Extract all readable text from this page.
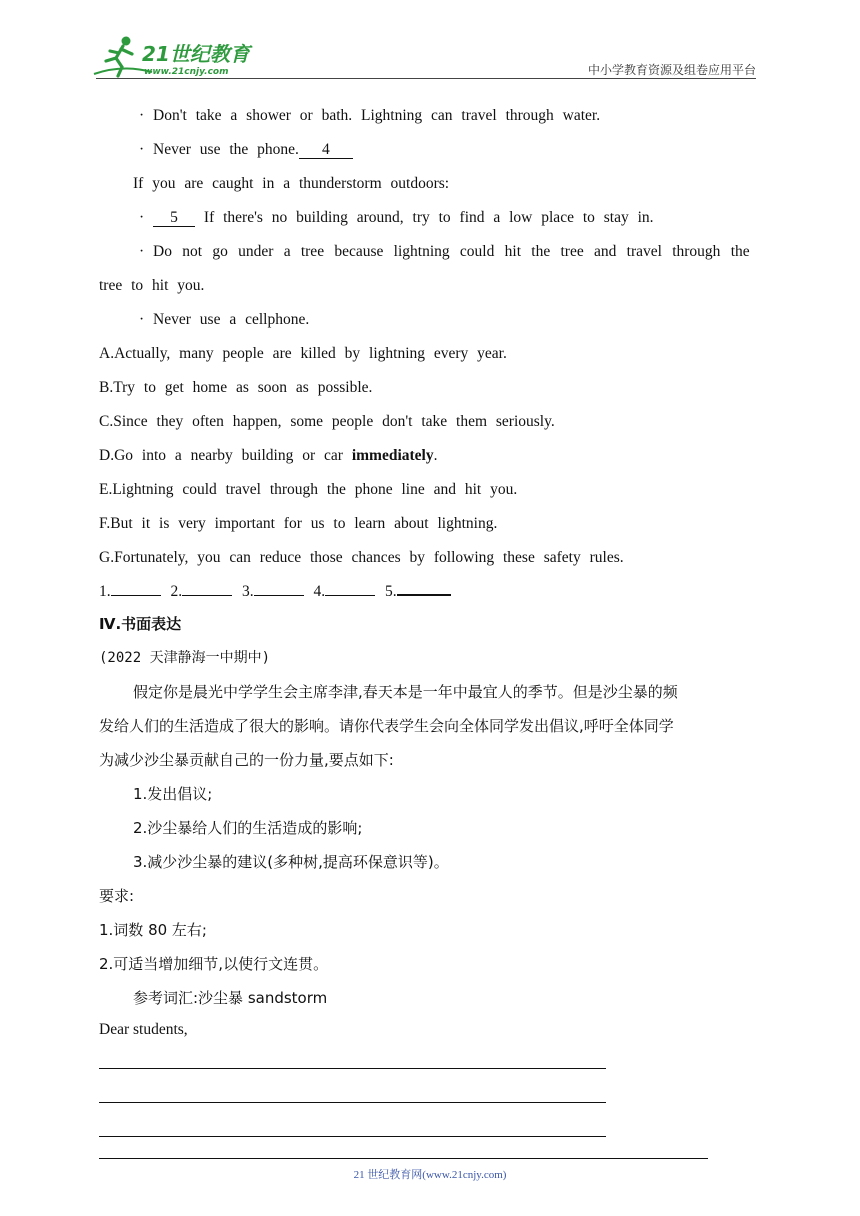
21世纪教育
www.21cnjy.com	中小学教育资源及组卷应用平台
· Don't take a shower or bath. Lightning can travel through water.
· Never use the phone. 4
If you are caught in a thunderstorm outdoors:
· 5 If there's no building around, try to find a low place to stay in.
· Do not go under a tree because lightning could hit the tree and travel through the
tree to hit you.
· Never use a cellphone.
A.Actually, many people are killed by lightning every year.
B.Try to get home as soon as possible.
C.Since they often happen, some people don't take them seriously.
D.Go into a nearby building or car immediately.
E.Lightning could travel through the phone line and hit you.
F.But it is very important for us to learn about lightning.
G.Fortunately, you can reduce those chances by following these safety rules.
1.	2.	3.	4.	5.
Ⅳ.书面表达
(2022 天津静海一中期中)
假定你是晨光中学学生会主席李津,春天本是一年中最宜人的季节。但是沙尘暴的频
发给人们的生活造成了很大的影响。请你代表学生会向全体同学发出倡议,呼吁全体同学
为减少沙尘暴贡献自己的一份力量,要点如下:
1.发出倡议;
2.沙尘暴给人们的生活造成的影响;
3.减少沙尘暴的建议(多种树,提高环保意识等)。
要求:
1.词数 80 左右;
2.可适当增加细节,以使行文连贯。
参考词汇:沙尘暴 sandstorm
Dear students,
21 世纪教育网(www.21cnjy.com)
